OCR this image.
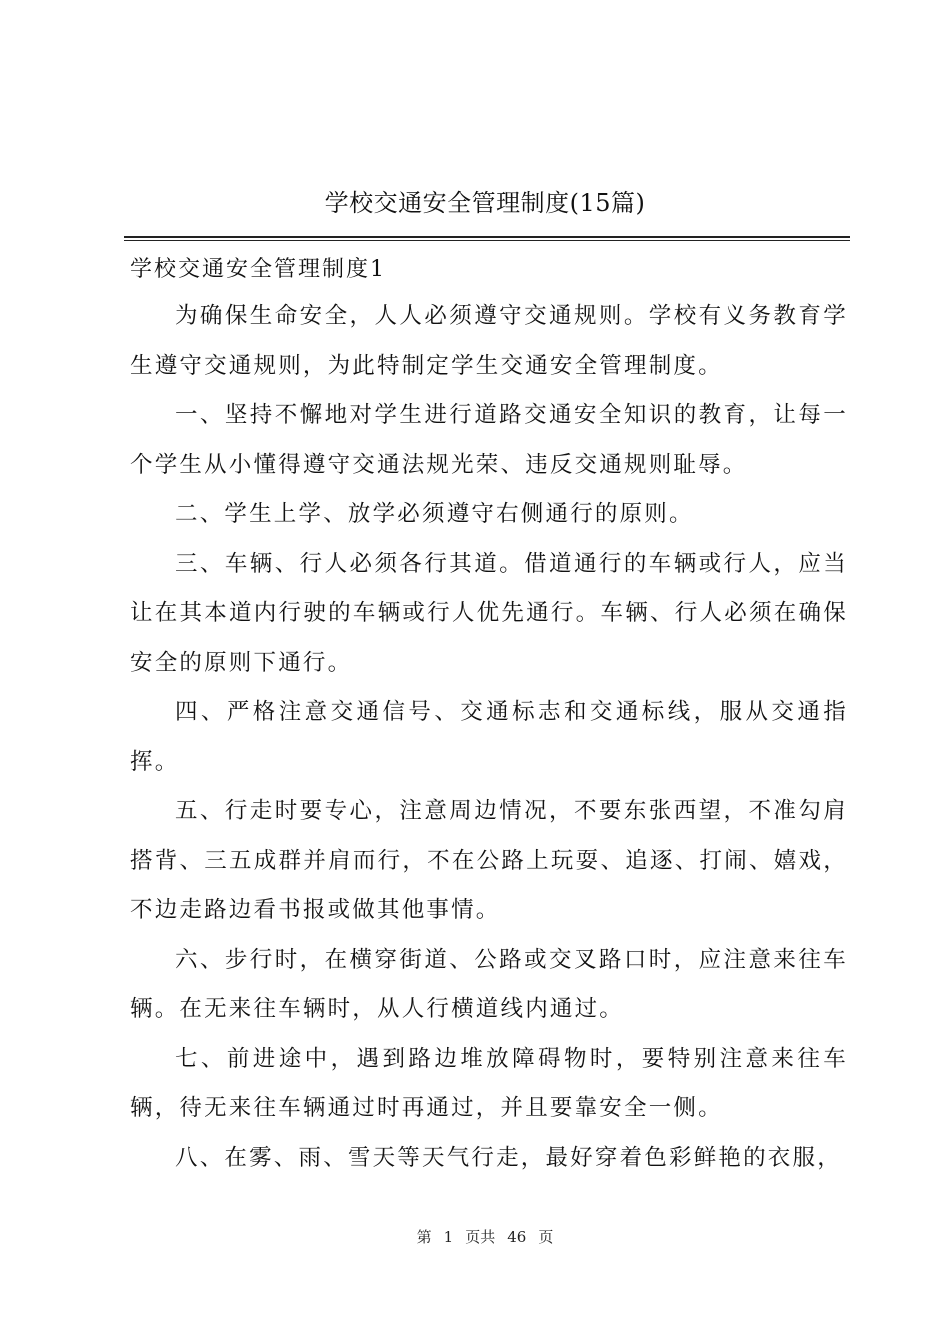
学校交通安全管理制度(15篇)
学校交通安全管理制度1

为确保生命安全，人人必须遵守交通规则。学校有义务教育学生遵守交通规则，为此特制定学生交通安全管理制度。

一、坚持不懈地对学生进行道路交通安全知识的教育，让每一个学生从小懂得遵守交通法规光荣、违反交通规则耻辱。

二、学生上学、放学必须遵守右侧通行的原则。

三、车辆、行人必须各行其道。借道通行的车辆或行人，应当让在其本道内行驶的车辆或行人优先通行。车辆、行人必须在确保安全的原则下通行。

四、严格注意交通信号、交通标志和交通标线，服从交通指挥。

五、行走时要专心，注意周边情况，不要东张西望，不准勾肩搭背、三五成群并肩而行，不在公路上玩耍、追逐、打闹、嬉戏，不边走路边看书报或做其他事情。

六、步行时，在横穿街道、公路或交叉路口时，应注意来往车辆。在无来往车辆时，从人行横道线内通过。

七、前进途中，遇到路边堆放障碍物时，要特别注意来往车辆，待无来往车辆通过时再通过，并且要靠安全一侧。

八、在雾、雨、雪天等天气行走，最好穿着色彩鲜艳的衣服，

第 1 页共 46 页
